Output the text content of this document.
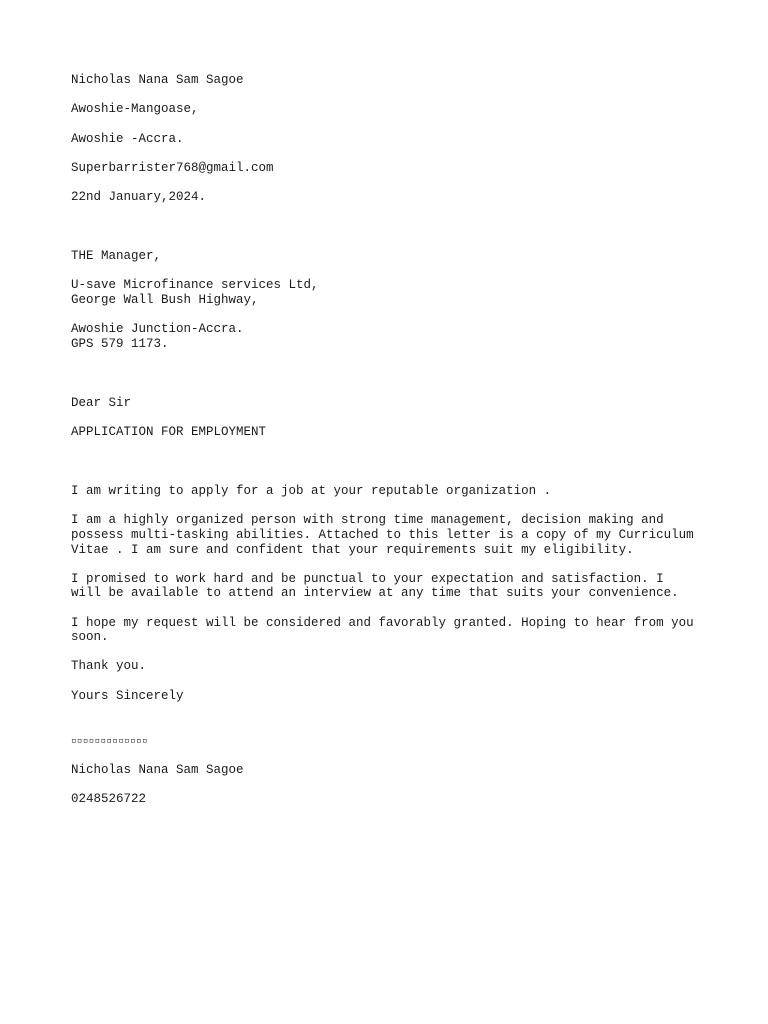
Nicholas Nana Sam Sagoe
Awoshie-Mangoase,
Awoshie -Accra.
Superbarrister768@gmail.com
22nd January,2024.
THE Manager,
U-save Microfinance services Ltd,
George Wall Bush Highway,
Awoshie Junction-Accra.
GPS 579 1173.
Dear Sir
APPLICATION FOR EMPLOYMENT
I am writing to apply for a job at your reputable organization .
I am a highly organized person with strong time management, decision making and
possess multi-tasking abilities. Attached to this letter is a copy of my Curriculum
Vitae . I am sure and confident that your requirements suit my eligibility.
I promised to work hard and be punctual to your expectation and satisfaction. I
will be available to attend an interview at any time that suits your convenience.
I hope my request will be considered and favorably granted. Hoping to hear from you
soon.
Thank you.
Yours Sincerely
▫▫▫▫▫▫▫▫▫▫▫▫▫
Nicholas Nana Sam Sagoe
0248526722
